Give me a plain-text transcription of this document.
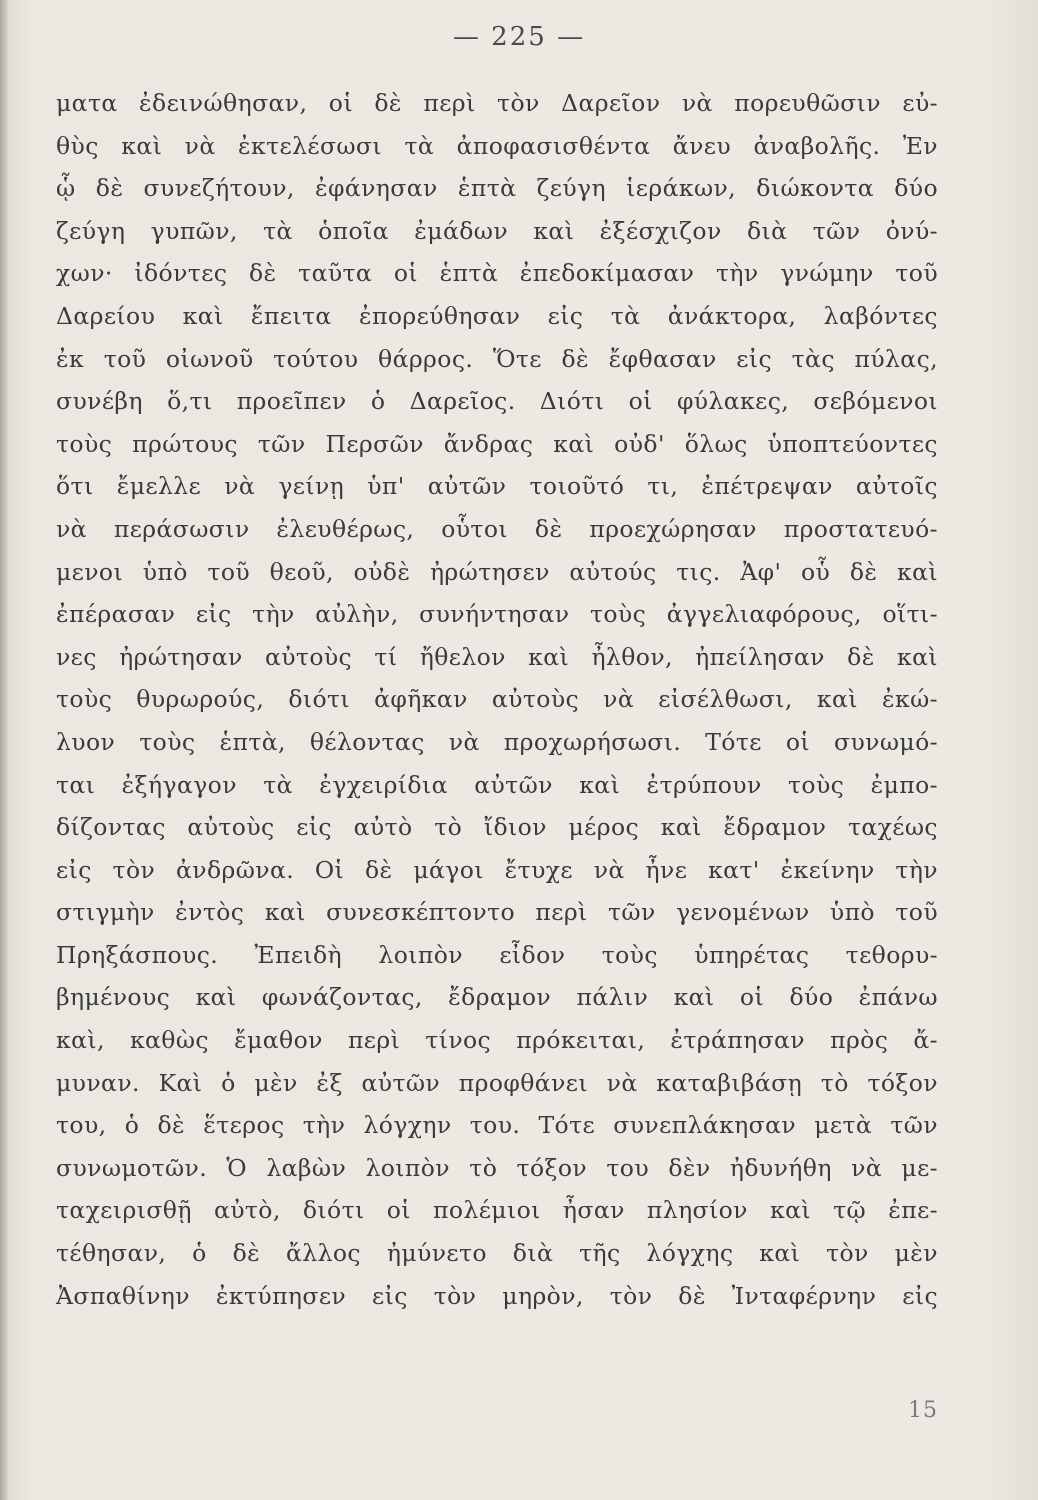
— 225 —
ματα ἐδεινώθησαν, οἱ δὲ περὶ τὸν Δαρεῖον νὰ πορευθῶσιν εὐ-
θὺς καὶ νὰ ἐκτελέσωσι τὰ ἀποφασισθέντα ἄνευ ἀναβολῆς. Ἐν
ᾧ δὲ συνεζήτουν, ἐφάνησαν ἑπτὰ ζεύγη ἱεράκων, διώκοντα δύο
ζεύγη γυπῶν, τὰ ὁποῖα ἐμάδων καὶ ἐξέσχιζον διὰ τῶν ὀνύ-
χων· ἰδόντες δὲ ταῦτα οἱ ἑπτὰ ἐπεδοκίμασαν τὴν γνώμην τοῦ
Δαρείου καὶ ἔπειτα ἐπορεύθησαν εἰς τὰ ἀνάκτορα, λαβόντες
ἐκ τοῦ οἰωνοῦ τούτου θάρρος. Ὅτε δὲ ἔφθασαν εἰς τὰς πύλας,
συνέβη ὅ,τι προεῖπεν ὁ Δαρεῖος. Διότι οἱ φύλακες, σεβόμενοι
τοὺς πρώτους τῶν Περσῶν ἄνδρας καὶ οὐδ' ὅλως ὑποπτεύοντες
ὅτι ἔμελλε νὰ γείνῃ ὑπ' αὐτῶν τοιοῦτό τι, ἐπέτρεψαν αὐτοῖς
νὰ περάσωσιν ἐλευθέρως, οὗτοι δὲ προεχώρησαν προστατευό-
μενοι ὑπὸ τοῦ θεοῦ, οὐδὲ ἠρώτησεν αὐτούς τις. Ἀφ' οὗ δὲ καὶ
ἐπέρασαν εἰς τὴν αὐλὴν, συνήντησαν τοὺς ἀγγελιαφόρους, οἵτι-
νες ἠρώτησαν αὐτοὺς τί ἤθελον καὶ ἦλθον, ἠπείλησαν δὲ καὶ
τοὺς θυρωρούς, διότι ἀφῆκαν αὐτοὺς νὰ εἰσέλθωσι, καὶ ἐκώ-
λυον τοὺς ἑπτὰ, θέλοντας νὰ προχωρήσωσι. Τότε οἱ συνωμό-
ται ἐξήγαγον τὰ ἐγχειρίδια αὐτῶν καὶ ἐτρύπουν τοὺς ἐμπο-
δίζοντας αὐτοὺς εἰς αὐτὸ τὸ ἴδιον μέρος καὶ ἔδραμον ταχέως
εἰς τὸν ἀνδρῶνα. Οἱ δὲ μάγοι ἔτυχε νὰ ἦνε κατ' ἐκείνην τὴν
στιγμὴν ἐντὸς καὶ συνεσκέπτοντο περὶ τῶν γενομένων ὑπὸ τοῦ
Πρηξάσπους. Ἐπειδὴ λοιπὸν εἶδον τοὺς ὑπηρέτας τεθορυ-
βημένους καὶ φωνάζοντας, ἔδραμον πάλιν καὶ οἱ δύο ἐπάνω
καὶ, καθὼς ἔμαθον περὶ τίνος πρόκειται, ἐτράπησαν πρὸς ἄ-
μυναν. Καὶ ὁ μὲν ἐξ αὐτῶν προφθάνει νὰ καταβιβάσῃ τὸ τόξον
του, ὁ δὲ ἕτερος τὴν λόγχην του. Τότε συνεπλάκησαν μετὰ τῶν
συνωμοτῶν. Ὁ λαβὼν λοιπὸν τὸ τόξον του δὲν ἠδυνήθη νὰ με-
ταχειρισθῇ αὐτὸ, διότι οἱ πολέμιοι ἦσαν πλησίον καὶ τῷ ἐπε-
τέθησαν, ὁ δὲ ἄλλος ἠμύνετο διὰ τῆς λόγχης καὶ τὸν μὲν
Ἀσπαθίνην ἐκτύπησεν εἰς τὸν μηρὸν, τὸν δὲ Ἰνταφέρνην εἰς
15
